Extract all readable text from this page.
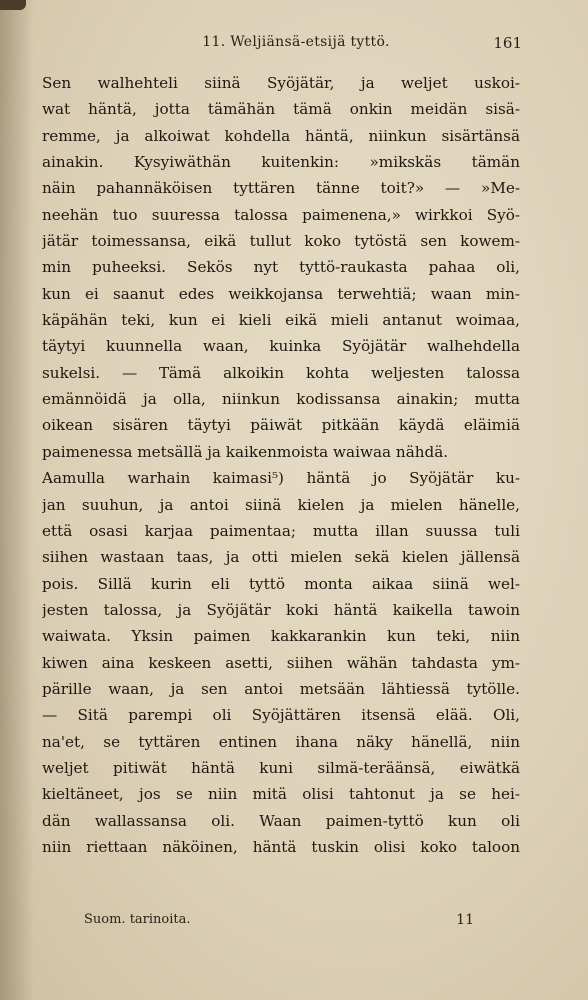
11. Weljiänsä-etsijä tyttö.	161
Sen walhehteli siinä Syöjätär, ja weljet uskoi-
wat häntä, jotta tämähän tämä onkin meidän sisä-
remme, ja alkoiwat kohdella häntä, niinkun sisärtänsä
ainakin. Kysyiwäthän kuitenkin: »mikskäs tämän
näin pahannäköisen tyttären tänne toit?» — »Me-
neehän tuo suuressa talossa paimenena,» wirkkoi Syö-
jätär toimessansa, eikä tullut koko tytöstä sen kowem-
min puheeksi. Sekös nyt tyttö-raukasta pahaa oli,
kun ei saanut edes weikkojansa terwehtiä; waan min-
käpähän teki, kun ei kieli eikä mieli antanut woimaa,
täytyi kuunnella waan, kuinka Syöjätär walhehdella
sukelsi. — Tämä alkoikin kohta weljesten talossa
emännöidä ja olla, niinkun kodissansa ainakin; mutta
oikean sisären täytyi päiwät pitkään käydä eläimiä
paimenessa metsällä ja kaikenmoista waiwaa nähdä.
Aamulla warhain kaimasi⁵) häntä jo Syöjätär ku-
jan suuhun, ja antoi siinä kielen ja mielen hänelle,
että osasi karjaa paimentaa; mutta illan suussa tuli
siihen wastaan taas, ja otti mielen sekä kielen jällensä
pois. Sillä kurin eli tyttö monta aikaa siinä wel-
jesten talossa, ja Syöjätär koki häntä kaikella tawoin
waiwata. Yksin paimen kakkarankin kun teki, niin
kiwen aina keskeen asetti, siihen wähän tahdasta ym-
pärille waan, ja sen antoi metsään lähtiessä tytölle.
— Sitä parempi oli Syöjättären itsensä elää. Oli,
na'et, se tyttären entinen ihana näky hänellä, niin
weljet pitiwät häntä kuni silmä-teräänsä, eiwätkä
kieltäneet, jos se niin mitä olisi tahtonut ja se hei-
dän wallassansa oli. Waan paimen-tyttö kun oli
niin riettaan näköinen, häntä tuskin olisi koko taloon
Suom. tarinoita.	11
